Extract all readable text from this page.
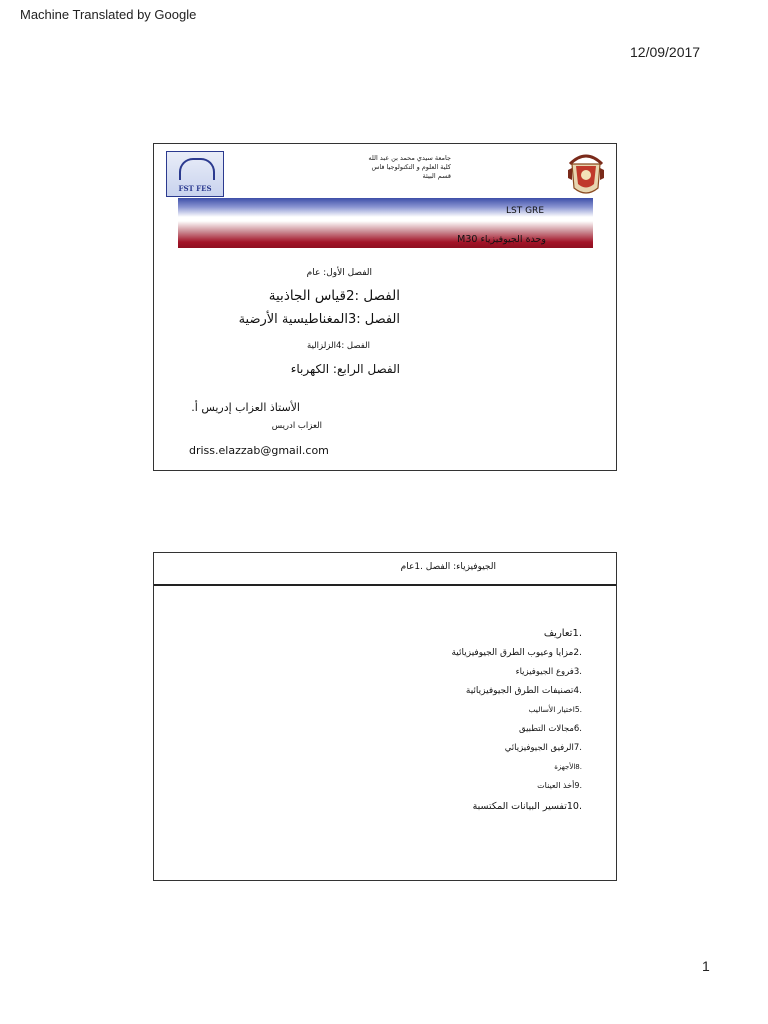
Machine Translated by Google
12/09/2017
1
FST FES
جامعة سيدي محمد بن عبد الله
كلية العلوم و التكنولوجيا فاس
قسم البيئة
LST GRE
وحدة الجيوفيزياء M30
الفصل الأول: عام
الفصل :2قياس الجاذبية
الفصل :3المغناطيسية الأرضية
الفصل :4الزلزالية
الفصل الرابع: الكهرباء
الأستاذ العزاب إدريس أ.
العزاب ادريس
driss.elazzab@gmail.com
الجيوفيزياء: الفصل .1عام
.1تعاريف
.2مزايا وعيوب الطرق الجيوفيزيائية
.3فروع الجيوفيزياء
.4تصنيفات الطرق الجيوفيزيائية
.5اختيار الأساليب
.6مجالات التطبيق
.7الرفيق الجيوفيزيائي
.8الأجهزة
.9أخذ العينات
.10تفسير البيانات المكتسبة
